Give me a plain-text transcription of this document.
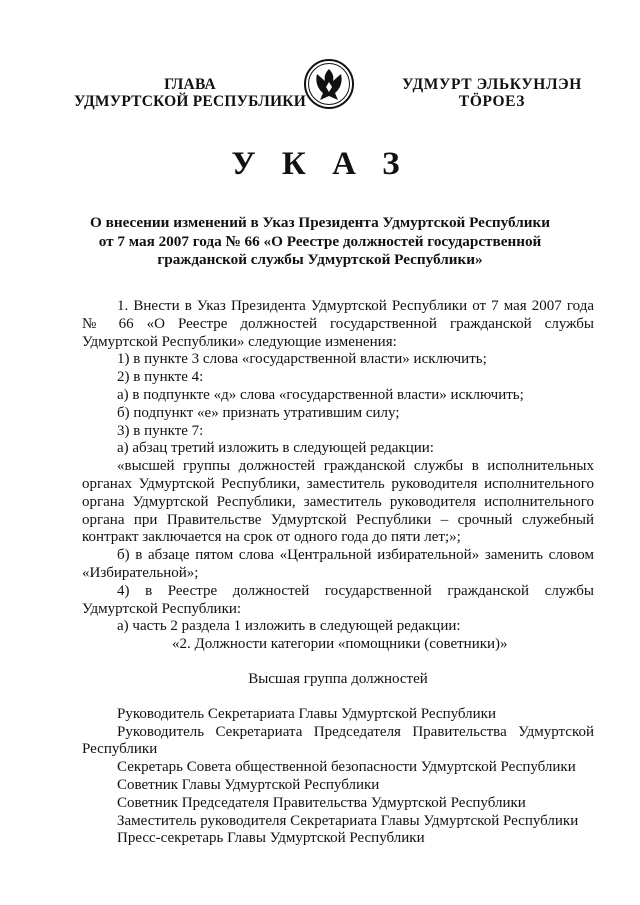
ГЛАВА
УДМУРТСКОЙ РЕСПУБЛИКИ
УДМУРТ ЭЛЬКУНЛЭН
ТÖРОЕЗ
У К А З
О внесении изменений в Указ Президента Удмуртской Республики
от 7 мая 2007 года № 66 «О Реестре должностей государственной
гражданской службы Удмуртской Республики»

1. Внести в Указ Президента Удмуртской Республики от 7 мая 2007 года № 66 «О Реестре должностей государственной гражданской службы Удмуртской Республики» следующие изменения:

1) в пункте 3 слова «государственной власти» исключить;

2) в пункте 4:

а) в подпункте «д» слова «государственной власти» исключить;

б) подпункт «е» признать утратившим силу;

3) в пункте 7:

а) абзац третий изложить в следующей редакции:

«высшей группы должностей гражданской службы в исполнительных органах Удмуртской Республики, заместитель руководителя исполнительного органа Удмуртской Республики, заместитель руководителя исполнительного органа при Правительстве Удмуртской Республики – срочный служебный контракт заключается на срок от одного года до пяти лет;»;

б) в абзаце пятом слова «Центральной избирательной» заменить словом «Избирательной»;

4) в Реестре должностей государственной гражданской службы Удмуртской Республики:

а) часть 2 раздела 1 изложить в следующей редакции:

«2. Должности категории «помощники (советники)»

Высшая группа должностей

Руководитель Секретариата Главы Удмуртской Республики

Руководитель Секретариата Председателя Правительства Удмуртской Республики

Секретарь Совета общественной безопасности Удмуртской Республики

Советник Главы Удмуртской Республики

Советник Председателя Правительства Удмуртской Республики

Заместитель руководителя Секретариата Главы Удмуртской Республики

Пресс-секретарь Главы Удмуртской Республики
